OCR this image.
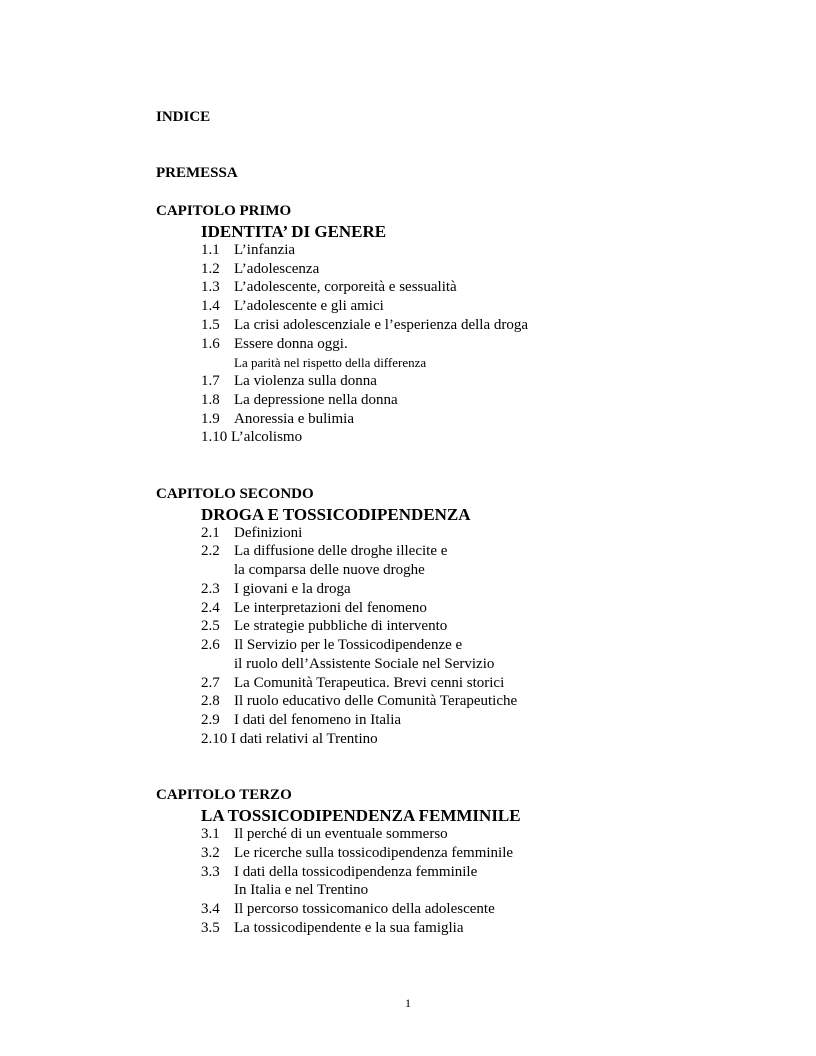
INDICE
PREMESSA
CAPITOLO PRIMO
IDENTITA’ DI GENERE
1.1 L’infanzia
1.2 L’adolescenza
1.3 L’adolescente, corporeità e sessualità
1.4 L’adolescente e gli amici
1.5 La crisi adolescenziale e l’esperienza della droga
1.6 Essere donna oggi.
La parità nel rispetto della differenza
1.7 La violenza sulla donna
1.8 La depressione nella donna
1.9 Anoressia e bulimia
1.10 L’alcolismo
CAPITOLO SECONDO
DROGA E TOSSICODIPENDENZA
2.1 Definizioni
2.2 La diffusione delle droghe illecite e
la comparsa delle nuove droghe
2.3 I giovani e la droga
2.4 Le interpretazioni del fenomeno
2.5 Le strategie pubbliche di intervento
2.6 Il Servizio per le Tossicodipendenze e
il ruolo dell’Assistente Sociale nel Servizio
2.7 La Comunità Terapeutica. Brevi cenni storici
2.8 Il ruolo educativo delle Comunità Terapeutiche
2.9 I dati del fenomeno in Italia
2.10 I dati relativi al Trentino
CAPITOLO TERZO
LA TOSSICODIPENDENZA FEMMINILE
3.1 Il perché di un eventuale sommerso
3.2 Le ricerche sulla tossicodipendenza femminile
3.3 I dati della tossicodipendenza femminile
In Italia e nel Trentino
3.4 Il percorso tossicomanico della adolescente
3.5 La tossicodipendente e la sua famiglia
1
